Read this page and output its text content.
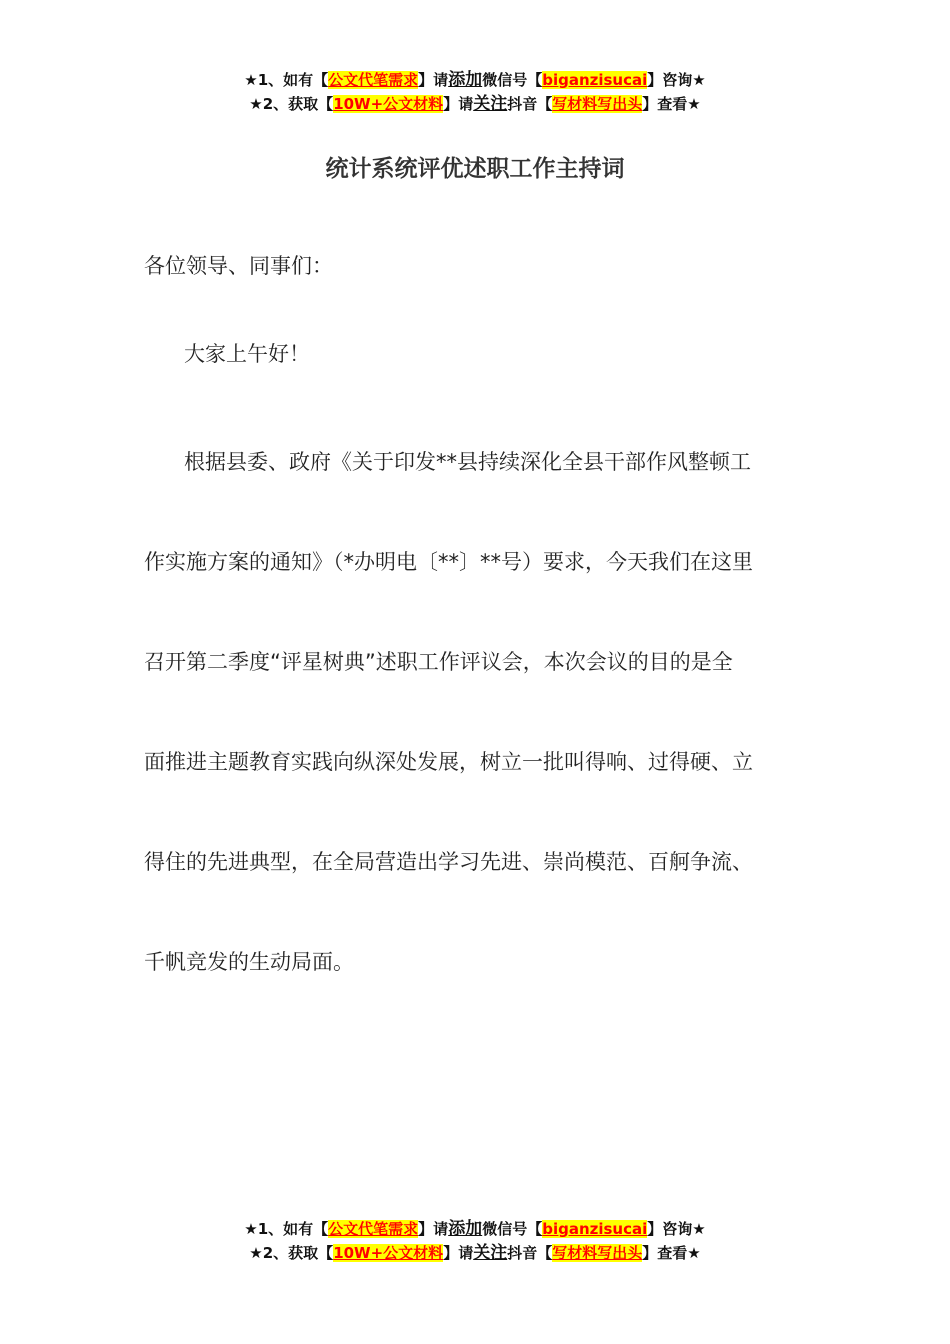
★1、如有【公文代笔需求】请添加微信号【biganzisucai】咨询★
★2、获取【10W+公文材料】请关注抖音【写材料写出头】查看★
统计系统评优述职工作主持词

各位领导、同事们：

大家上午好！

根据县委、政府《关于印发**县持续深化全县干部作风整顿工
作实施方案的通知》（*办明电〔**〕**号）要求，今天我们在这里
召开第二季度“评星树典”述职工作评议会，本次会议的目的是全
面推进主题教育实践向纵深处发展，树立一批叫得响、过得硬、立
得住的先进典型，在全局营造出学习先进、崇尚模范、百舸争流、
千帆竞发的生动局面。

★1、如有【公文代笔需求】请添加微信号【biganzisucai】咨询★
★2、获取【10W+公文材料】请关注抖音【写材料写出头】查看★
